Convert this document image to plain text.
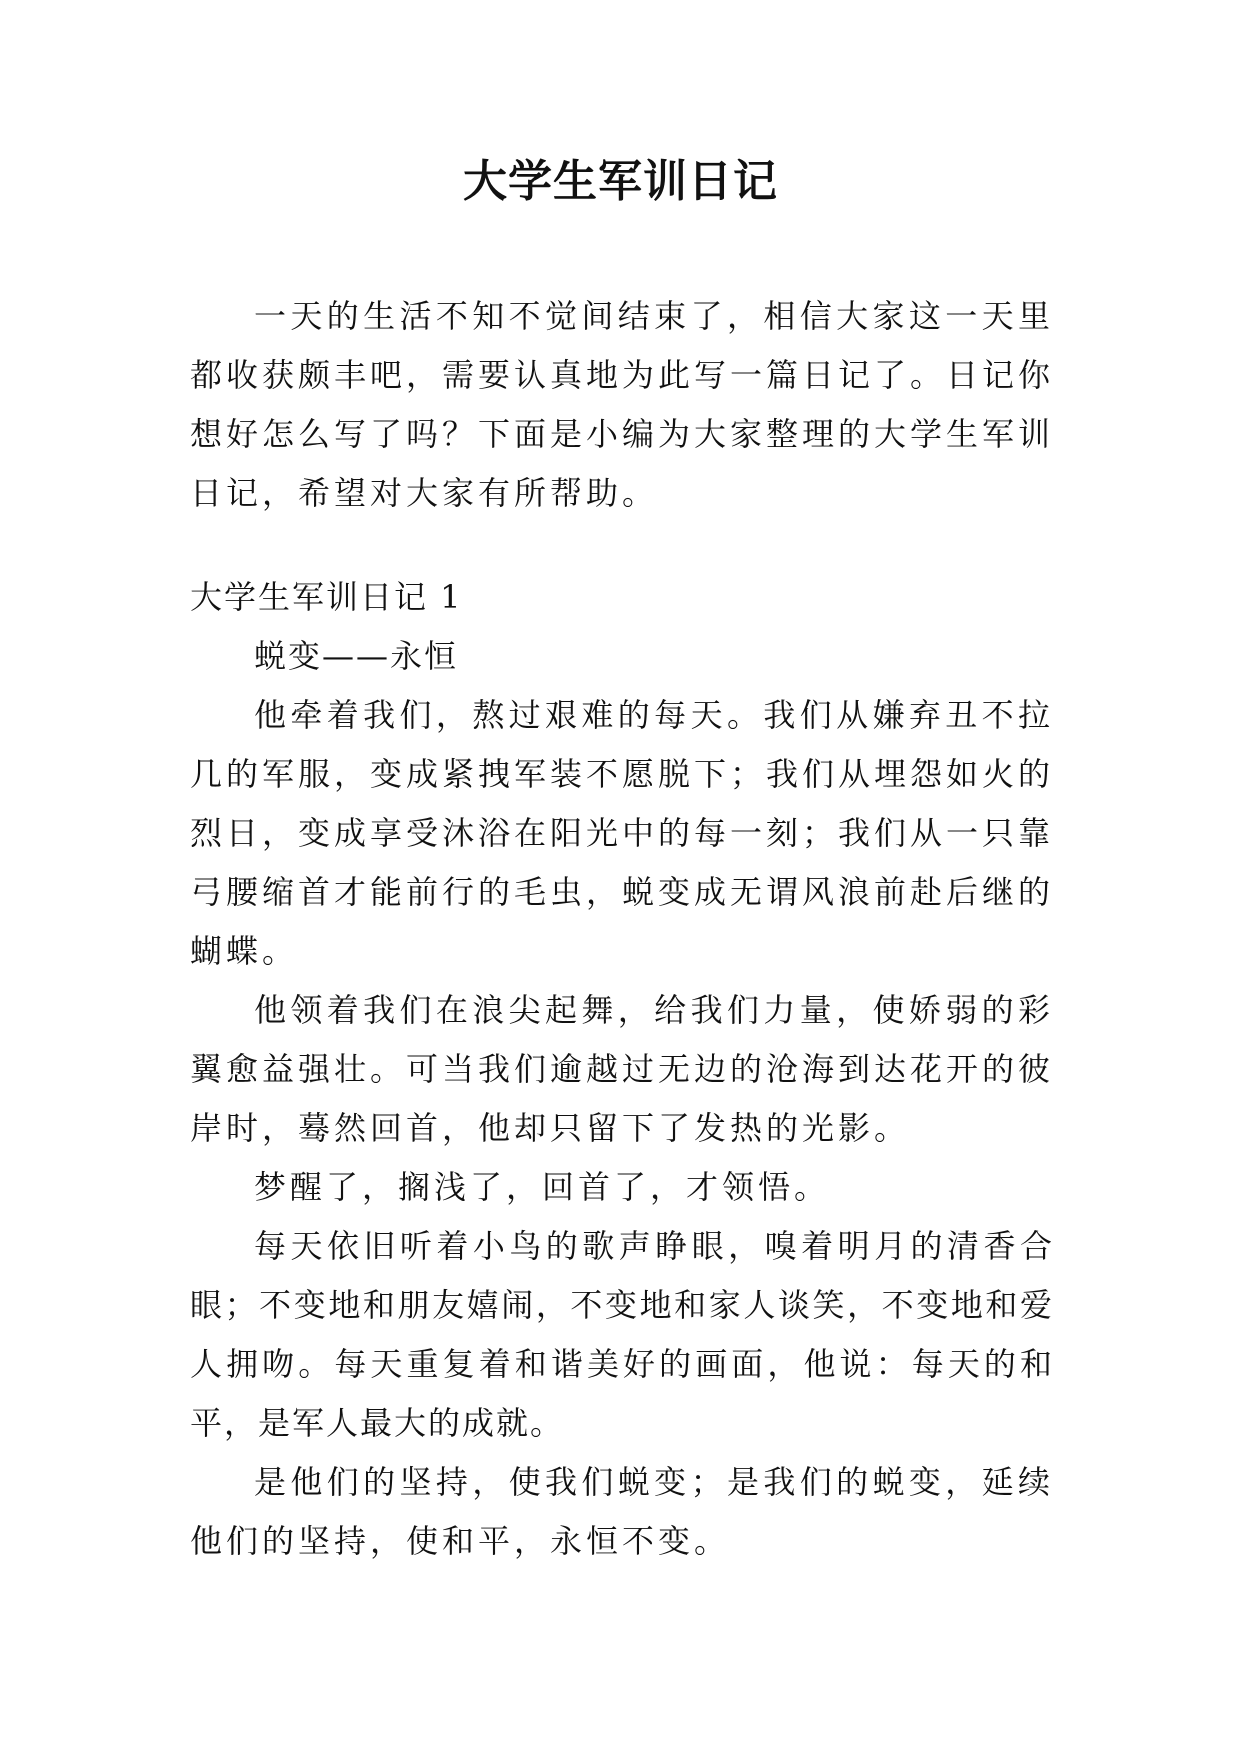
大学生军训日记

一天的生活不知不觉间结束了，相信大家这一天里都收获颇丰吧，需要认真地为此写一篇日记了。日记你想好怎么写了吗？下面是小编为大家整理的大学生军训日记，希望对大家有所帮助。

大学生军训日记 1

蜕变——永恒

他牵着我们，熬过艰难的每天。我们从嫌弃丑不拉几的军服，变成紧拽军装不愿脱下；我们从埋怨如火的烈日，变成享受沐浴在阳光中的每一刻；我们从一只靠弓腰缩首才能前行的毛虫，蜕变成无谓风浪前赴后继的蝴蝶。

他领着我们在浪尖起舞，给我们力量，使娇弱的彩翼愈益强壮。可当我们逾越过无边的沧海到达花开的彼岸时，蓦然回首，他却只留下了发热的光影。

梦醒了，搁浅了，回首了，才领悟。

每天依旧听着小鸟的歌声睁眼，嗅着明月的清香合眼；不变地和朋友嬉闹，不变地和家人谈笑，不变地和爱人拥吻。每天重复着和谐美好的画面，他说：每天的和平，是军人最大的成就。

是他们的坚持，使我们蜕变；是我们的蜕变，延续他们的坚持，使和平，永恒不变。
